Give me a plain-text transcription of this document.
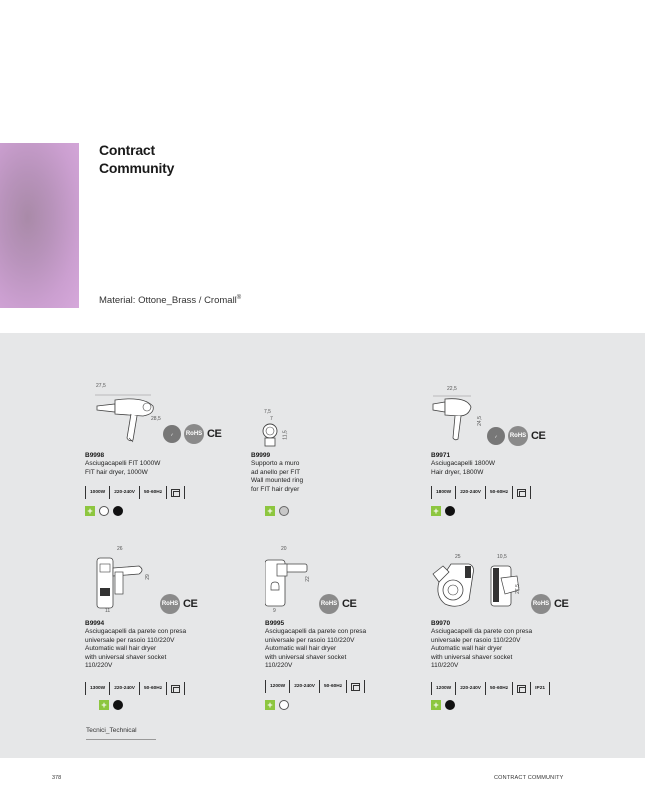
Contract
Community
Material: Ottone_Brass / Cromall®
27,5
28,5
✓	RoHS CE
B9998
Asciugacapelli FIT 1000W
FIT hair dryer, 1000W
1000W	220-240V	50-60Hz
+
7,5
7
11,5
B9999
Supporto a muro
ad anello per FIT
Wall mounted ring
for FIT hair dryer
+
22,5
24,5
✓	RoHS CE
B9971
Asciugacapelli 1800W
Hair dryer, 1800W
1800W	220-240V	50-60Hz
+
26
29
11
RoHS CE
B9994
Asciugacapelli da parete con presa
universale per rasoio 110/220V
Automatic wall hair dryer
with universal shaver socket
110/220V
1300W	220-240V	50-60Hz
+
20
22
9
RoHS CE
B9995
Asciugacapelli da parete con presa
universale per rasoio 110/220V
Automatic wall hair dryer
with universal shaver socket
110/220V
1200W	220-240V	50-60Hz
+
25	10,5
27,5
RoHS CE
B9970
Asciugacapelli da parete con presa
universale per rasoio 110/220V
Automatic wall hair dryer
with universal shaver socket
110/220V
1200W	220-240V	50-60Hz	IP21
+
Tecnici_Technical
378	CONTRACT COMMUNITY
